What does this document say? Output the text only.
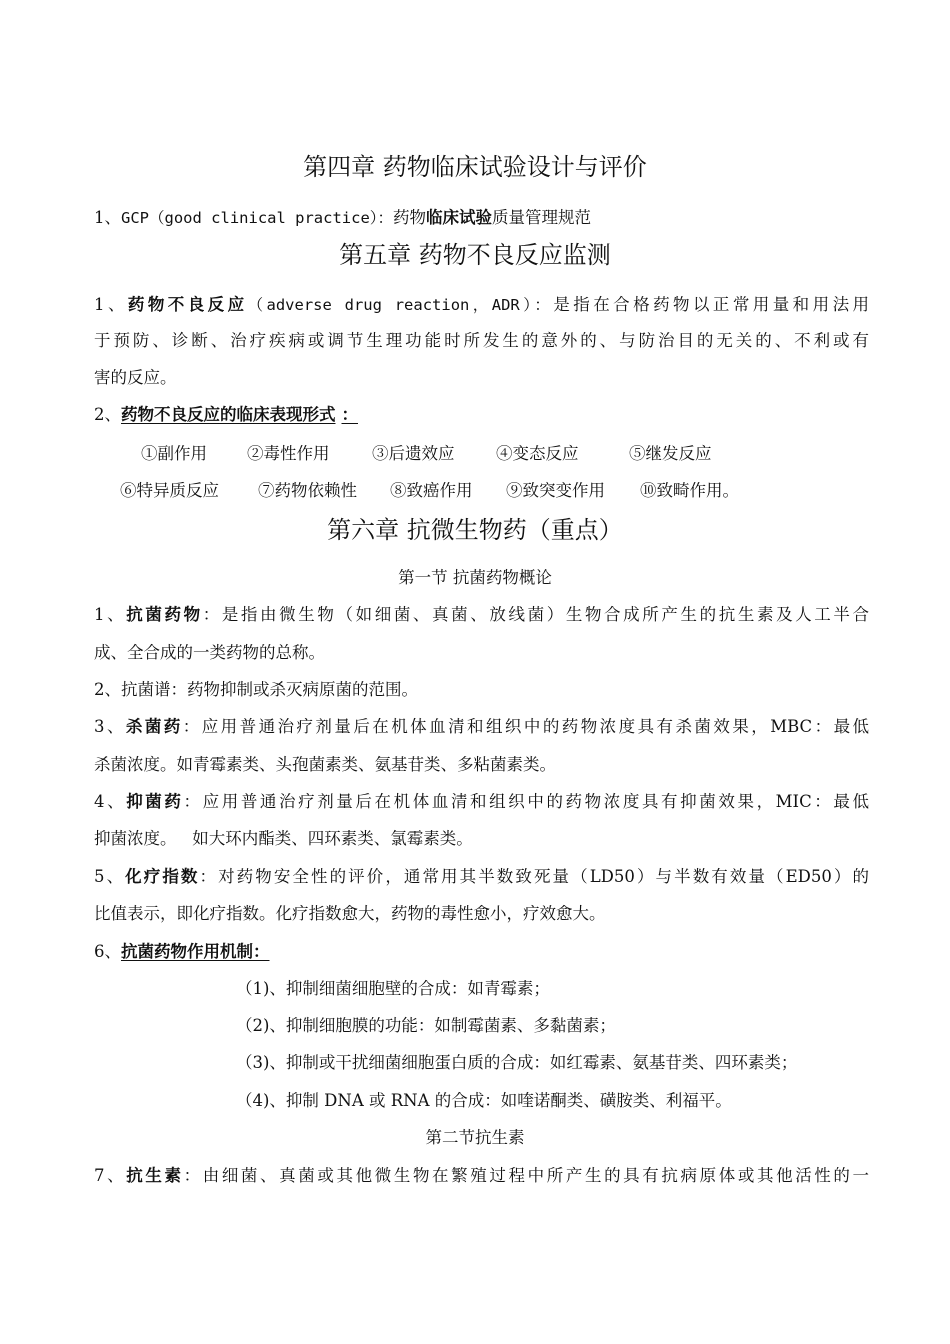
第四章 药物临床试验设计与评价
1、GCP（good clinical practice）：药物临床试验质量管理规范
第五章 药物不良反应监测
1、药物不良反应（adverse drug reaction，ADR）：是指在合格药物以正常用量和用法用
于预防、诊断、治疗疾病或调节生理功能时所发生的意外的、与防治目的无关的、不利或有
害的反应。
2、药物不良反应的临床表现形式 ：
①副作用 ②毒性作用	③后遗效应	④变态反应	⑤继发反应
⑥特异质反应 ⑦药物依赖性 ⑧致癌作用 ⑨致突变作用 ⑩致畸作用。
第六章 抗微生物药（重点）
第一节 抗菌药物概论
1、抗菌药物：是指由微生物（如细菌、真菌、放线菌）生物合成所产生的抗生素及人工半合
成、全合成的一类药物的总称。
2、抗菌谱：药物抑制或杀灭病原菌的范围。
3、杀菌药：应用普通治疗剂量后在机体血清和组织中的药物浓度具有杀菌效果，MBC：最低
杀菌浓度。如青霉素类、头孢菌素类、氨基苷类、多粘菌素类。
4、抑菌药：应用普通治疗剂量后在机体血清和组织中的药物浓度具有抑菌效果，MIC：最低
抑菌浓度。   如大环内酯类、四环素类、氯霉素类。
5、化疗指数：对药物安全性的评价，通常用其半数致死量（LD50）与半数有效量（ED50）的
比值表示，即化疗指数。化疗指数愈大，药物的毒性愈小，疗效愈大。
6、抗菌药物作用机制：
（1)、抑制细菌细胞壁的合成：如青霉素；
（2)、抑制细胞膜的功能：如制霉菌素、多黏菌素；
（3)、抑制或干扰细菌细胞蛋白质的合成：如红霉素、氨基苷类、四环素类；
（4)、抑制 DNA 或 RNA 的合成：如喹诺酮类、磺胺类、利福平。
第二节抗生素
7、抗生素：由细菌、真菌或其他微生物在繁殖过程中所产生的具有抗病原体或其他活性的一
